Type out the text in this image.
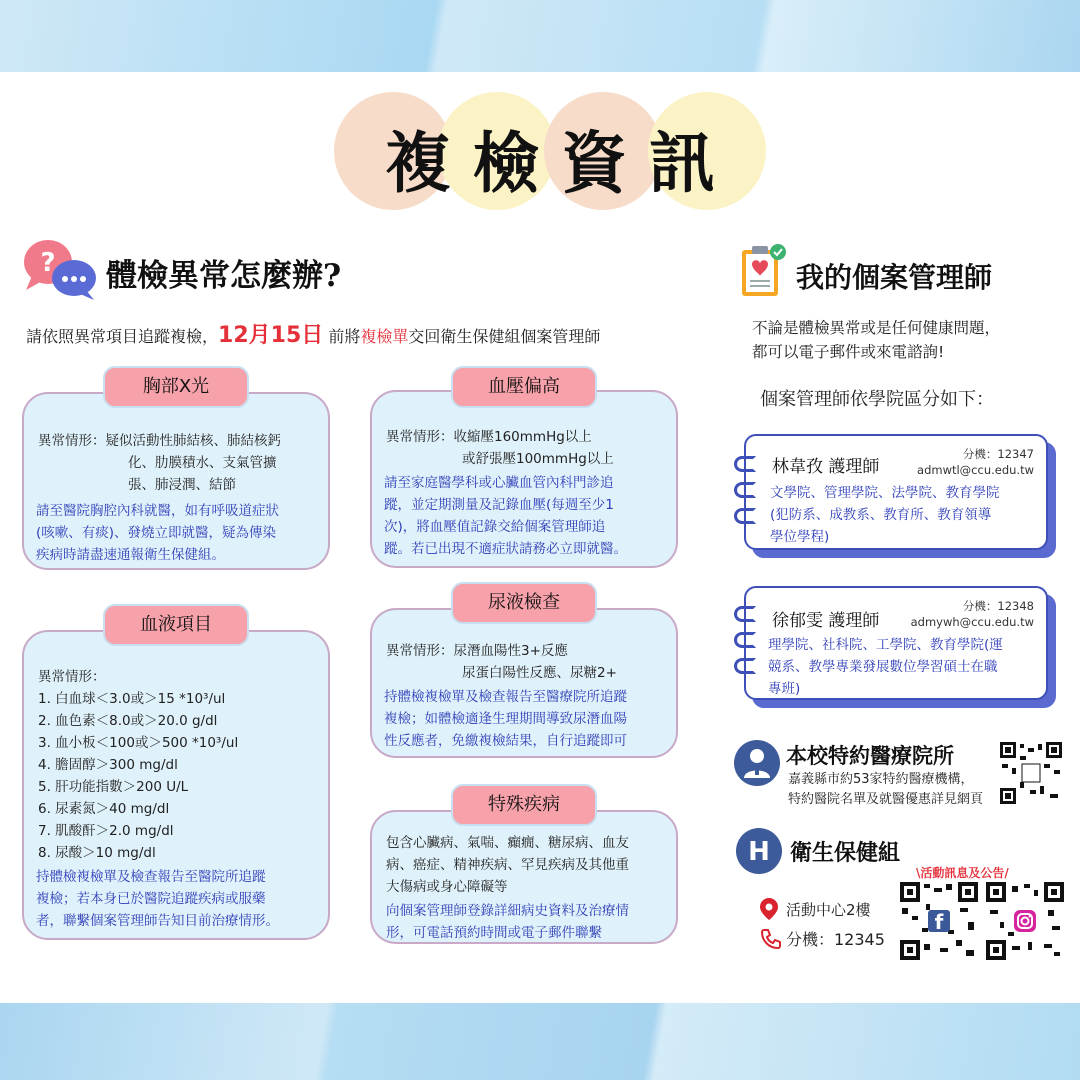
複檢資訊
? 體檢異常怎麼辦?
請依照異常項目追蹤複檢，12月15日 前將複檢單交回衛生保健組個案管理師
胸部X光
異常情形： 疑似活動性肺結核、肺結核鈣
化、肋膜積水、支氣管擴
張、肺浸潤、結節
請至醫院胸腔內科就醫，如有呼吸道症狀
(咳嗽、有痰)、發燒立即就醫，疑為傳染
疾病時請盡速通報衛生保健組。
血壓偏高
異常情形： 收縮壓160mmHg以上
或舒張壓100mmHg以上
請至家庭醫學科或心臟血管內科門診追
蹤，並定期測量及記錄血壓(每週至少1
次)，將血壓值記錄交給個案管理師追
蹤。若已出現不適症狀請務必立即就醫。
血液項目
異常情形：
1. 白血球＜3.0或＞15 *10³/ul
2. 血色素＜8.0或＞20.0 g/dl
3. 血小板＜100或＞500 *10³/ul
4. 膽固醇＞300 mg/dl
5. 肝功能指數＞200 U/L
6. 尿素氮＞40 mg/dl
7. 肌酸酐＞2.0 mg/dl
8. 尿酸＞10 mg/dl
持體檢複檢單及檢查報告至醫院所追蹤
複檢；若本身已於醫院追蹤疾病或服藥
者，聯繫個案管理師告知目前治療情形。
尿液檢查
異常情形： 尿潛血陽性3+反應
尿蛋白陽性反應、尿糖2+
持體檢複檢單及檢查報告至醫療院所追蹤
複檢；如體檢適逢生理期間導致尿潛血陽
性反應者，免繳複檢結果，自行追蹤即可
特殊疾病
包含心臟病、氣喘、癲癇、糖尿病、血友
病、癌症、精神疾病、罕見疾病及其他重
大傷病或身心障礙等
向個案管理師登錄詳細病史資料及治療情
形，可電話預約時間或電子郵件聯繫
我的個案管理師
不論是體檢異常或是任何健康問題，
都可以電子郵件或來電諮詢!
個案管理師依學院區分如下：
林韋孜 護理師
分機：12347
admwtl@ccu.edu.tw
文學院、管理學院、法學院、教育學院
(犯防系、成教系、教育所、教育領導
學位學程)
徐郁雯 護理師
分機：12348
admywh@ccu.edu.tw
理學院、社科院、工學院、教育學院(運
競系、教學專業發展數位學習碩士在職
專班)
本校特約醫療院所
嘉義縣市約53家特約醫療機構，
特約醫院名單及就醫優惠詳見網頁
H 衛生保健組
\活動訊息及公告/
活動中心2樓
分機：12345
f
